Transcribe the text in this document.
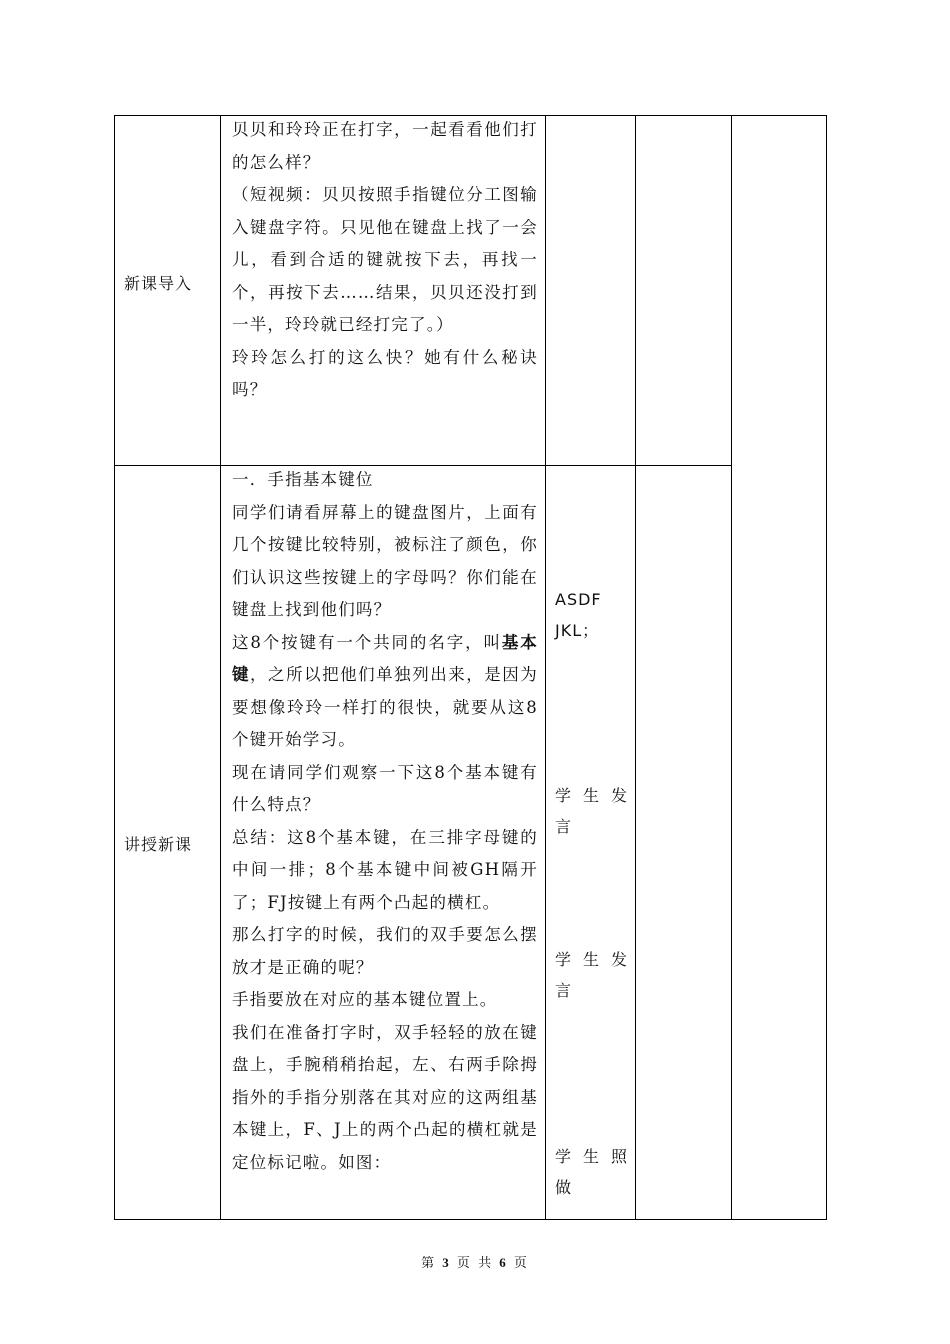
新课导入

贝贝和玲玲正在打字，一起看看他们打的怎么样？

（短视频：贝贝按照手指键位分工图输入键盘字符。只见他在键盘上找了一会儿，看到合适的键就按下去，再找一个，再按下去……结果，贝贝还没打到一半，玲玲就已经打完了。）

玲玲怎么打的这么快？她有什么秘诀吗？

讲授新课

一．手指基本键位

同学们请看屏幕上的键盘图片，上面有几个按键比较特别，被标注了颜色，你们认识这些按键上的字母吗？你们能在键盘上找到他们吗？

这8个按键有一个共同的名字，叫基本键，之所以把他们单独列出来，是因为要想像玲玲一样打的很快，就要从这8个键开始学习。

现在请同学们观察一下这8个基本键有什么特点？

总结：这8个基本键，在三排字母键的中间一排；8个基本键中间被GH隔开了；FJ按键上有两个凸起的横杠。

那么打字的时候，我们的双手要怎么摆放才是正确的呢？

手指要放在对应的基本键位置上。

我们在准备打字时，双手轻轻的放在键盘上，手腕稍稍抬起，左、右两手除拇指外的手指分别落在其对应的这两组基本键上，F、J上的两个凸起的横杠就是定位标记啦。如图：

ASDF
JKL；
学生发
言
学生发
言
学生照
做
第 3 页 共 6 页
